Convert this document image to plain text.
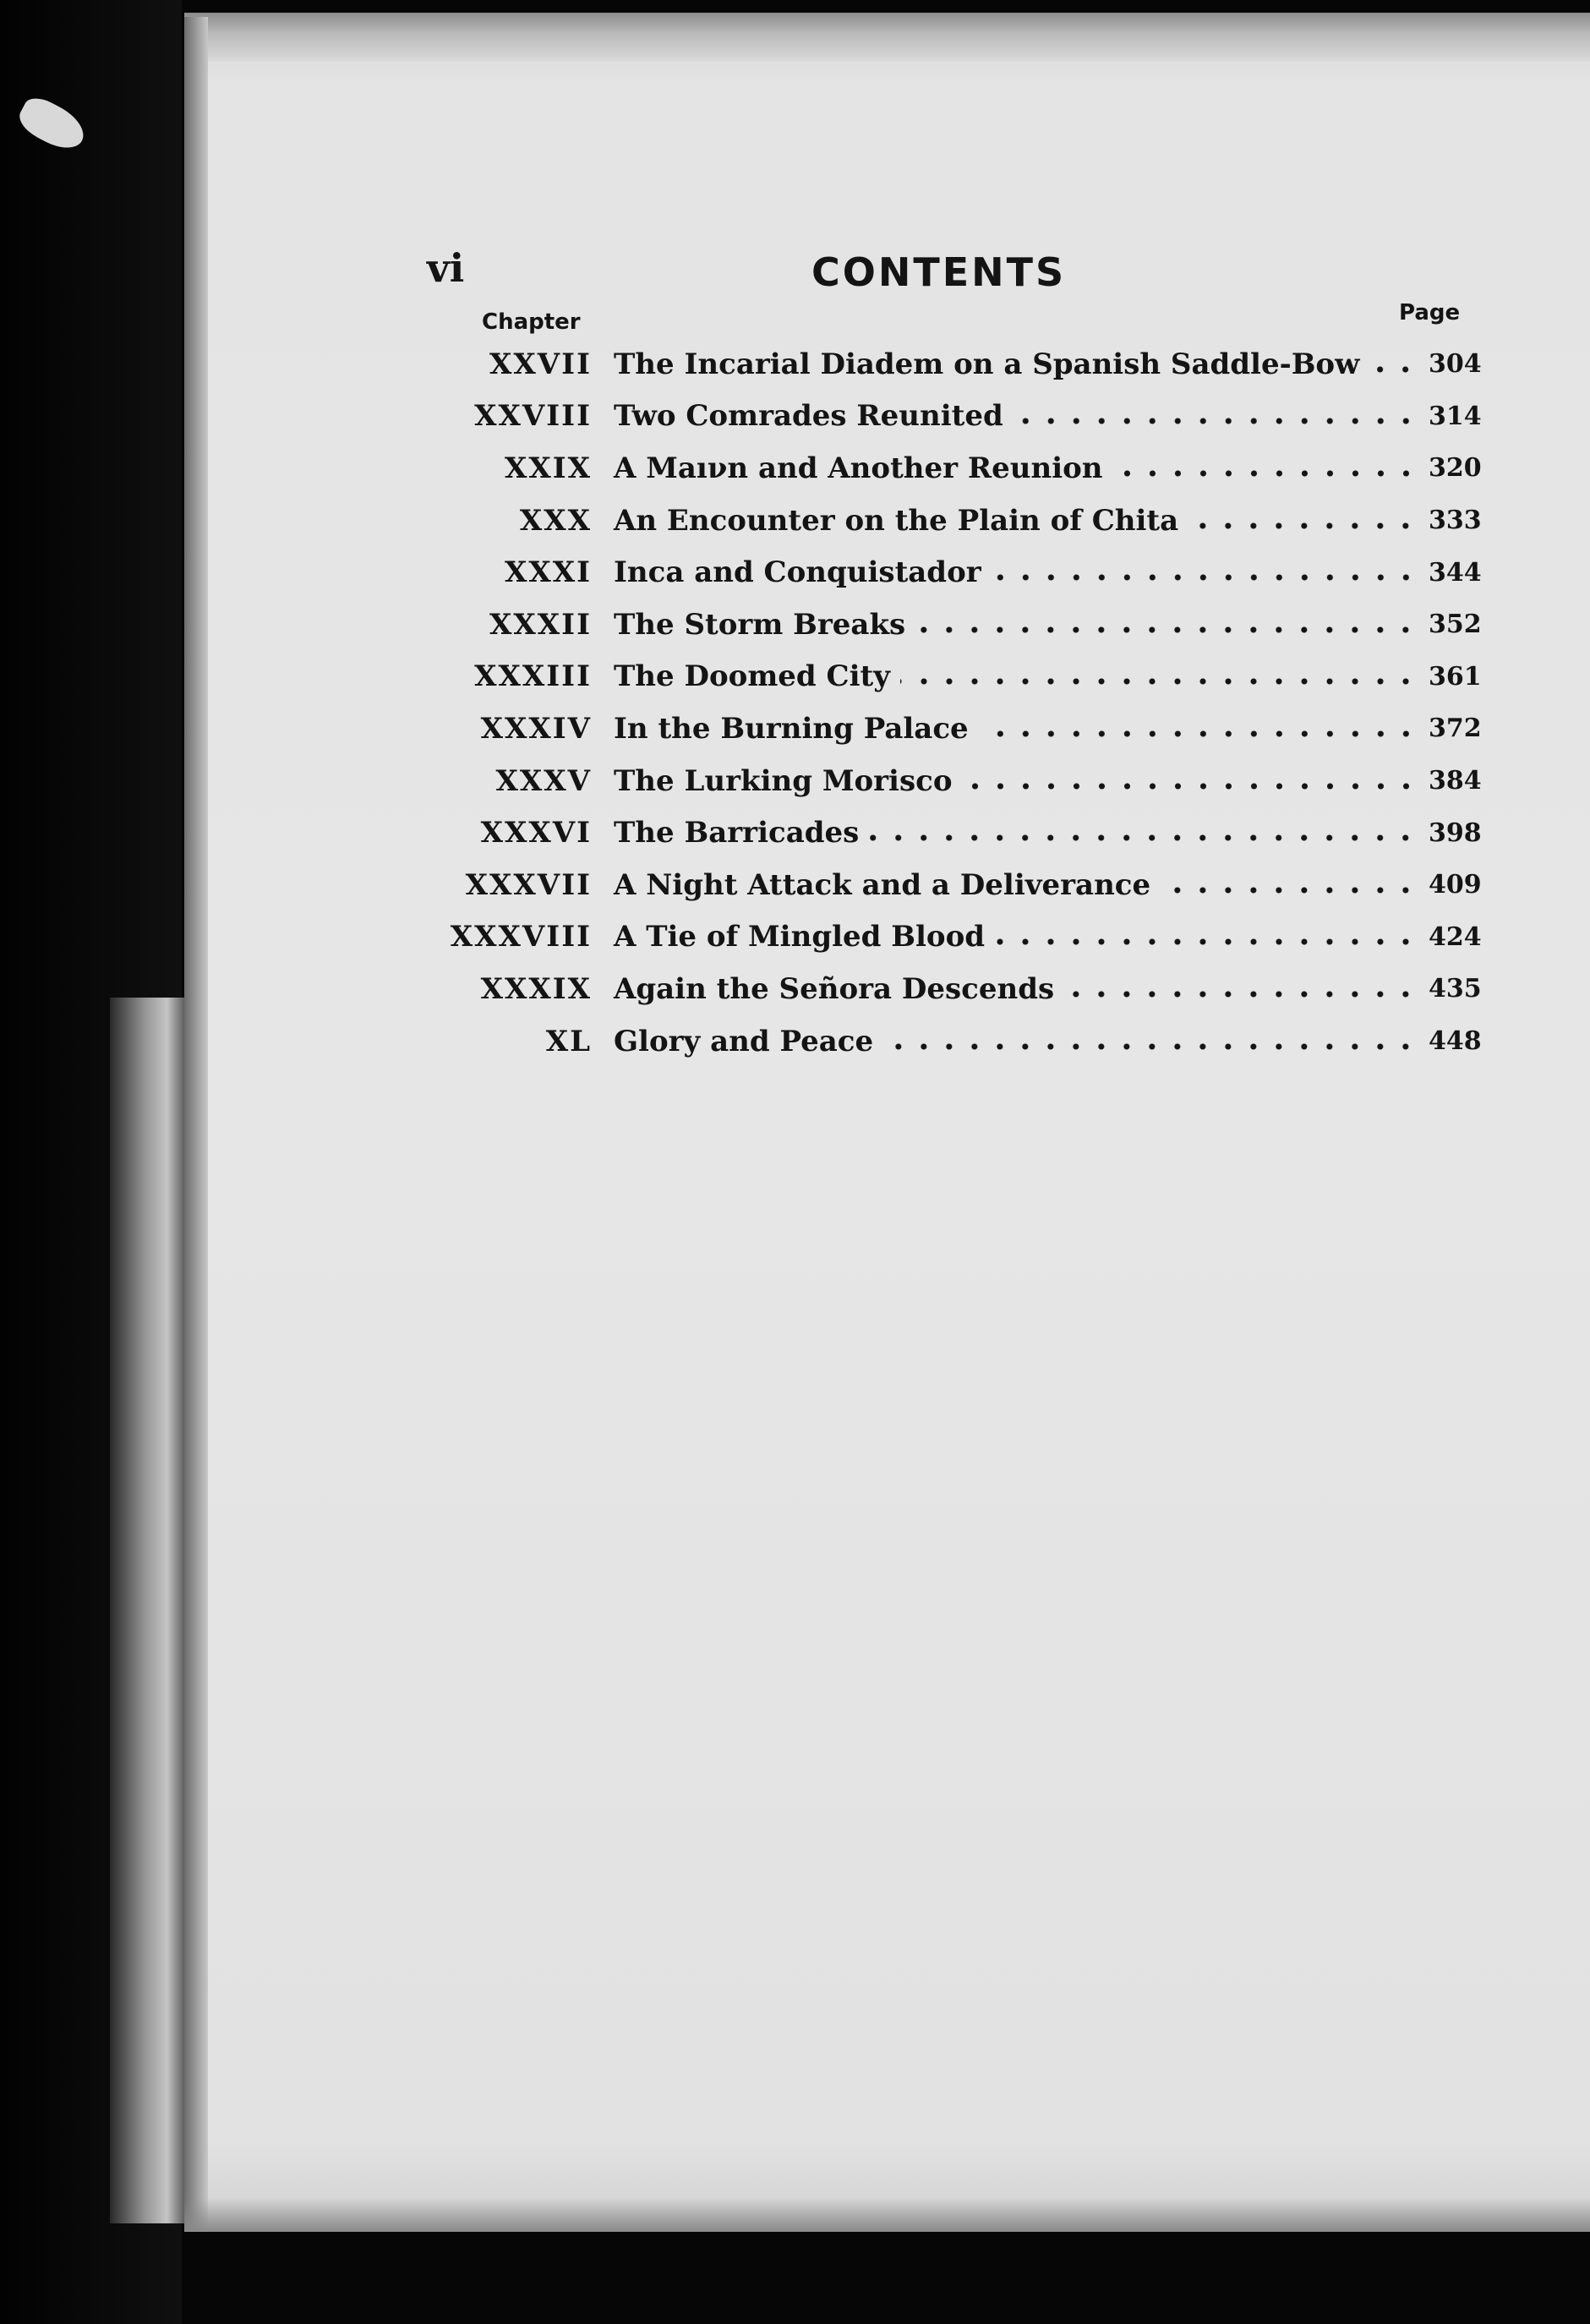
vi	CONTENTS
Chapter	Page
XXVII The Incarial Diadem on a Spanish Saddle-Bow	304
XXVIII Two Comrades Reunited	314
XXIX A Maıνn and Another Reunion	320
XXX An Encounter on the Plain of Chita	333
XXXI Inca and Conquistador	344
XXXII The Storm Breaks	352
XXXIII The Doomed City	361
XXXIV In the Burning Palace	372
XXXV The Lurking Morisco	384
XXXVI The Barricades	398
XXXVII A Night Attack and a Deliverance	409
XXXVIII A Tie of Mingled Blood	424
XXXIX Again the Señora Descends	435
XL Glory and Peace	448
